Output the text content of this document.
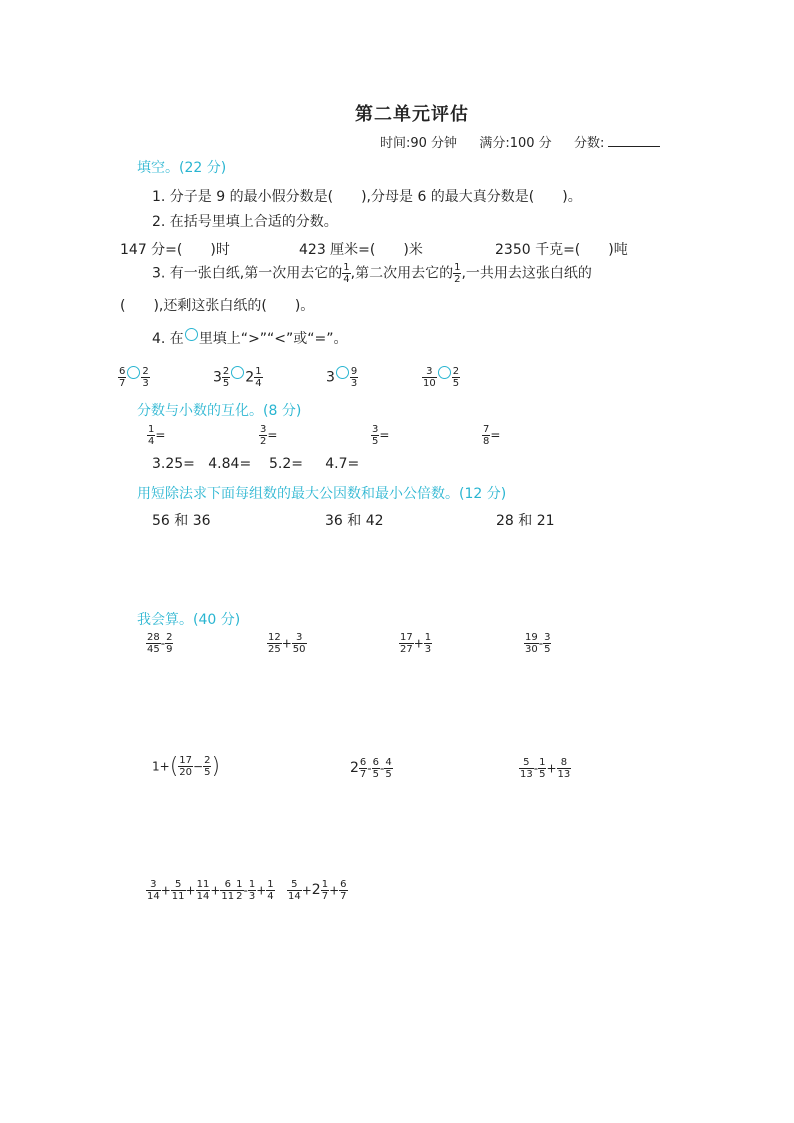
第二单元评估
时间:90 分钟 满分:100 分 分数:
填空。(22 分)
1. 分子是 9 的最小假分数是(　　),分母是 6 的最大真分数是(　　)。
2. 在括号里填上合适的分数。
147 分=(　　)时	423 厘米=(　　)米	2350 千克=(　　)吨
3. 有一张白纸,第一次用去它的 $\frac{1}{4}$ ,第二次用去它的 $\frac{1}{2}$ ,一共用去这张白纸的
(　　),还剩这张白纸的(　　)。
4. 在 里填上“>”“<”或“=”。
$\frac{6}{7} \frac{2}{3}$	$3 \frac{2}{5} 2 \frac{1}{4}$	$3 \frac{9}{3}$	$\frac{3}{10} \frac{2}{5}$
分数与小数的互化。(8 分)
$\frac{1}{4}$ =	$\frac{3}{2}$ =	$\frac{3}{5}$ =	$\frac{7}{8}$ =
3.25= 4.84= 5.2= 4.7=
用短除法求下面每组数的最大公因数和最小公倍数。(12 分)
56 和 36	36 和 42	28 和 21
我会算。(40 分)
$\frac{28}{45} - \frac{2}{9}$	$\frac{12}{25} + \frac{3}{50}$	$\frac{17}{27} + \frac{1}{3}$	$\frac{19}{30} - \frac{3}{5}$
$1+( \frac{17}{20} - \frac{2}{5}$ )	$2 \frac{6}{7} - \frac{6}{5} - \frac{4}{5}$	$\frac{5}{13} - \frac{1}{5} + \frac{8}{13}$
$\frac{3}{14} + \frac{5}{11} + \frac{11}{14} + \frac{6}{11} \frac{1}{2} - \frac{1}{3} + \frac{1}{4} \frac{5}{14} +2 \frac{1}{7} + \frac{6}{7}$
